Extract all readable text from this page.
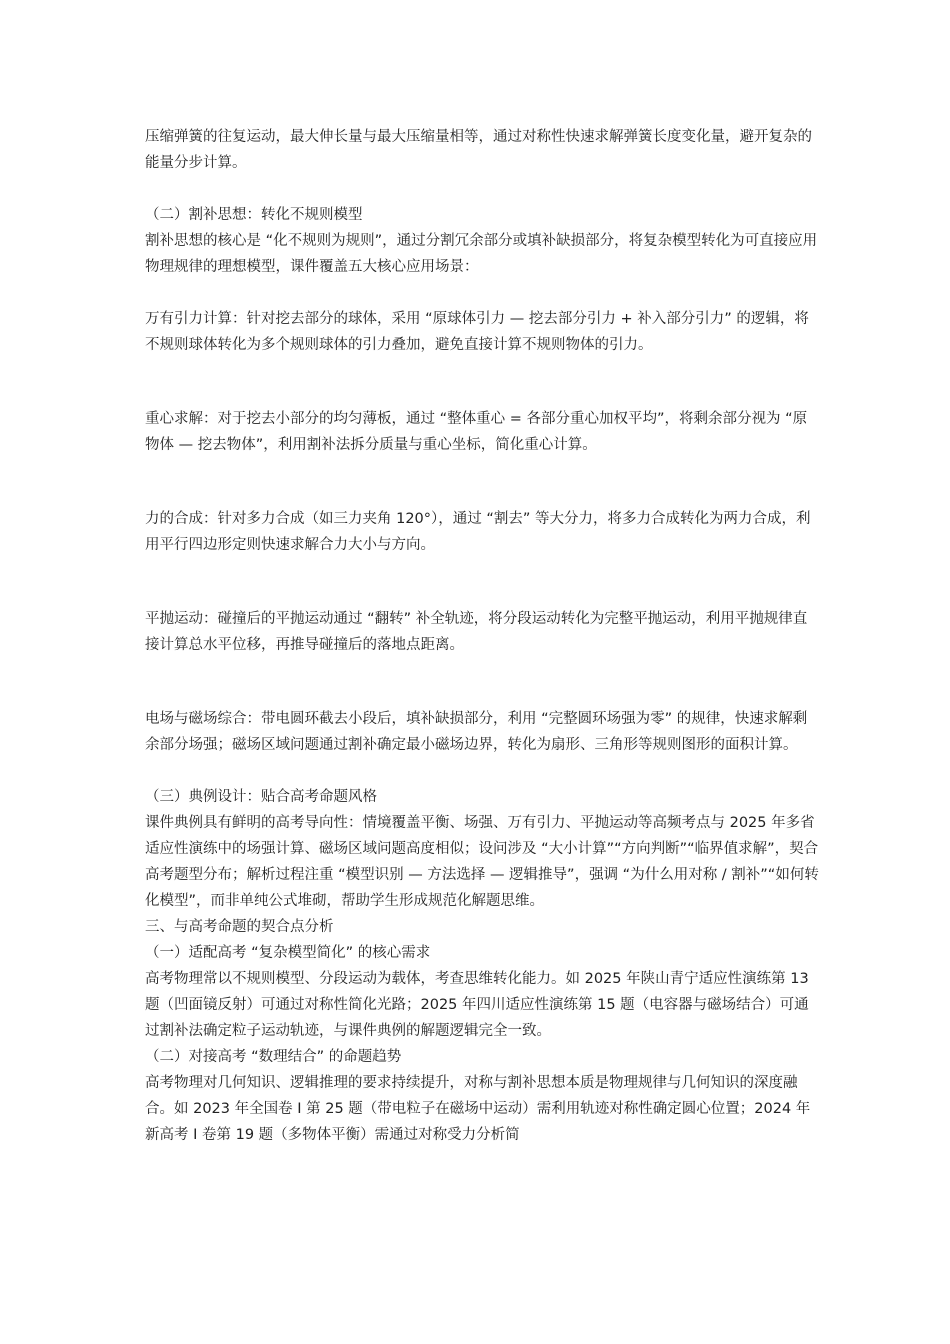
压缩弹簧的往复运动，最大伸长量与最大压缩量相等，通过对称性快速求解弹簧长度变化量，避开复杂的能量分步计算。

（二）割补思想：转化不规则模型

割补思想的核心是 “化不规则为规则”，通过分割冗余部分或填补缺损部分，将复杂模型转化为可直接应用物理规律的理想模型，课件覆盖五大核心应用场景：

万有引力计算：针对挖去部分的球体，采用 “原球体引力 — 挖去部分引力 + 补入部分引力” 的逻辑，将不规则球体转化为多个规则球体的引力叠加，避免直接计算不规则物体的引力。

重心求解：对于挖去小部分的均匀薄板，通过 “整体重心 = 各部分重心加权平均”，将剩余部分视为 “原物体 — 挖去物体”，利用割补法拆分质量与重心坐标，简化重心计算。

力的合成：针对多力合成（如三力夹角 120°），通过 “割去” 等大分力，将多力合成转化为两力合成，利用平行四边形定则快速求解合力大小与方向。

平抛运动：碰撞后的平抛运动通过 “翻转” 补全轨迹，将分段运动转化为完整平抛运动，利用平抛规律直接计算总水平位移，再推导碰撞后的落地点距离。

电场与磁场综合：带电圆环截去小段后，填补缺损部分，利用 “完整圆环场强为零” 的规律，快速求解剩余部分场强；磁场区域问题通过割补确定最小磁场边界，转化为扇形、三角形等规则图形的面积计算。

（三）典例设计：贴合高考命题风格

课件典例具有鲜明的高考导向性：情境覆盖平衡、场强、万有引力、平抛运动等高频考点与 2025 年多省适应性演练中的场强计算、磁场区域问题高度相似；设问涉及 “大小计算”“方向判断”“临界值求解”，契合高考题型分布；解析过程注重 “模型识别 — 方法选择 — 逻辑推导”，强调 “为什么用对称 / 割补”“如何转化模型”，而非单纯公式堆砌，帮助学生形成规范化解题思维。

三、与高考命题的契合点分析

（一）适配高考 “复杂模型简化” 的核心需求

高考物理常以不规则模型、分段运动为载体，考查思维转化能力。如 2025 年陕山青宁适应性演练第 13 题（凹面镜反射）可通过对称性简化光路；2025 年四川适应性演练第 15 题（电容器与磁场结合）可通过割补法确定粒子运动轨迹，与课件典例的解题逻辑完全一致。

（二）对接高考 “数理结合” 的命题趋势

高考物理对几何知识、逻辑推理的要求持续提升，对称与割补思想本质是物理规律与几何知识的深度融合。如 2023 年全国卷 Ⅰ 第 25 题（带电粒子在磁场中运动）需利用轨迹对称性确定圆心位置；2024 年新高考 Ⅰ 卷第 19 题（多物体平衡）需通过对称受力分析简
